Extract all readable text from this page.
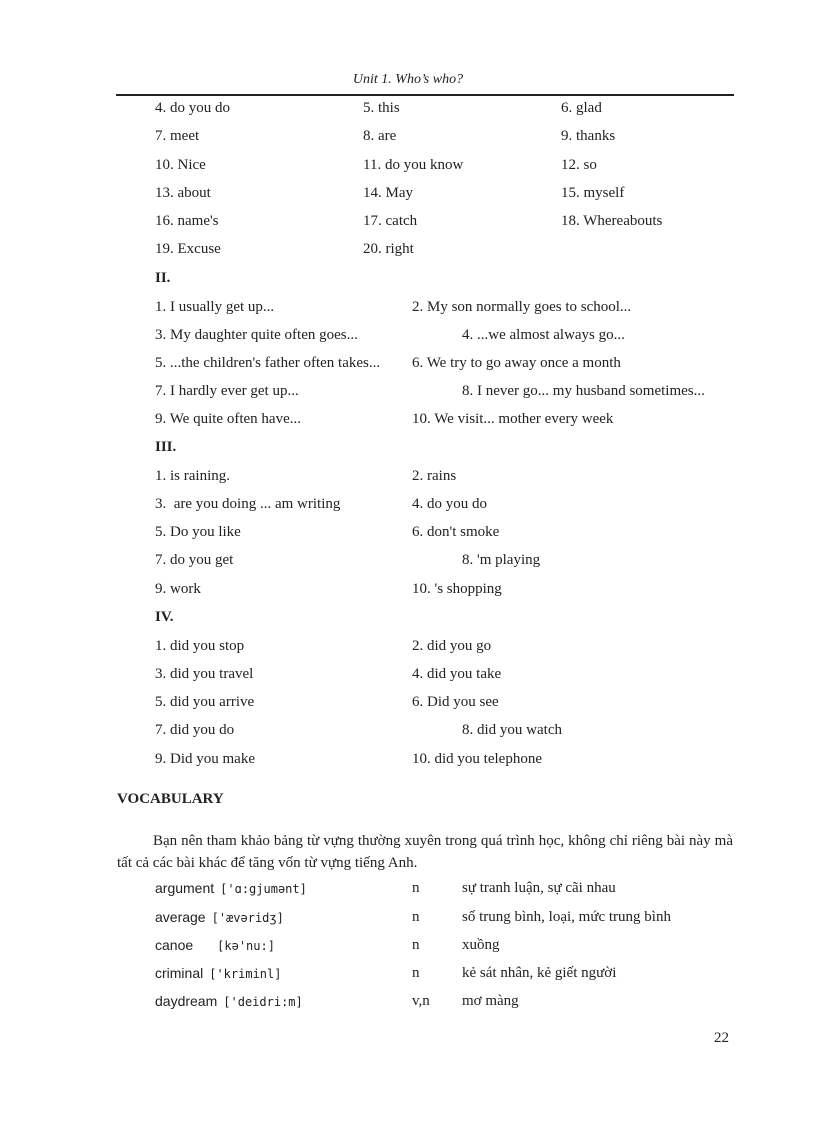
Unit 1. Who’s who?
4. do you do	5. this	6. glad
7. meet	8. are	9. thanks
10. Nice	11. do you know	12. so
13. about	14. May	15. myself
16. name's	17. catch	18. Whereabouts
19. Excuse	20. right
II.
1. I usually get up...	2. My son normally goes to school...
3. My daughter quite often goes...	4. ...we almost always go...
5. ...the children's father often takes... 6. We try to go away once a month
7. I hardly ever get up...	8. I never go... my husband sometimes...
9. We quite often have...	10. We visit... mother every week
III.
1. is raining.	2. rains
3.  are you doing ... am writing	4. do you do
5. Do you like	6. don't smoke
7. do you get	8. 'm playing
9. work	10. 's shopping
IV.
1. did you stop	2. did you go
3. did you travel	4. did you take
5. did you arrive	6. Did you see
7. did you do	8. did you watch
9. Did you make	10. did you telephone
VOCABULARY
Bạn nên tham khảo bảng từ vựng thường xuyên trong quá trình học, không chỉ riêng bài này mà tất cả các bài khác để tăng vốn từ vựng tiếng Anh.
argument ['ɑ:gjumənt]	n	sự tranh luận, sự cãi nhau
average ['ævəridʒ]	n	số trung bình, loại, mức trung bình
canoe [kə'nu:]	n	xuồng
criminal ['kriminl]	n	kẻ sát nhân, kẻ giết người
daydream ['deidri:m]	v,n mơ màng
22
